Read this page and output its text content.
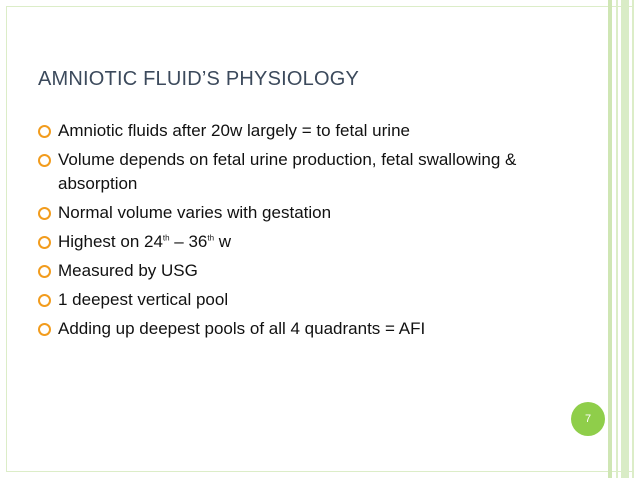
AMNIOTIC FLUID’S PHYSIOLOGY
Amniotic fluids after 20w largely = to fetal urine
Volume depends on fetal urine production, fetal swallowing & absorption
Normal volume varies with gestation
Highest on 24th – 36th w
Measured by USG
1 deepest vertical pool
Adding up deepest pools of all 4 quadrants = AFI
7
